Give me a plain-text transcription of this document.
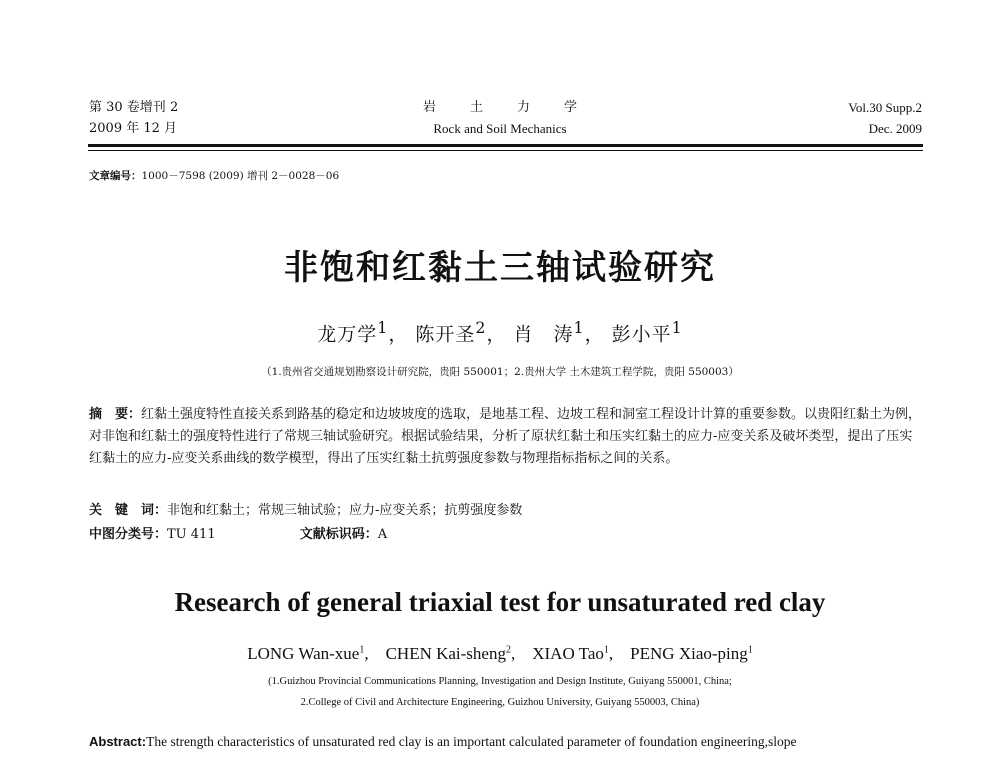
第 30 卷增刊 2
2009 年 12 月
岩土力学
Rock and Soil Mechanics
Vol.30 Supp.2
Dec. 2009
文章编号：1000－7598 (2009) 增刊 2－0028－06
非饱和红黏土三轴试验研究
龙万学$^1$， 陈开圣$^2$， 肖　涛$^1$， 彭小平$^1$
（1.贵州省交通规划勘察设计研究院，贵阳 550001；2.贵州大学 土木建筑工程学院，贵阳 550003）
摘　要：红黏土强度特性直接关系到路基的稳定和边坡坡度的选取，是地基工程、边坡工程和洞室工程设计计算的重要参数。以贵阳红黏土为例，对非饱和红黏土的强度特性进行了常规三轴试验研究。根据试验结果，分析了原状红黏土和压实红黏土的应力-应变关系及破坏类型，提出了压实红黏土的应力-应变关系曲线的数学模型，得出了压实红黏土抗剪强度参数与物理指标指标之间的关系。
关　键　词：非饱和红黏土；常规三轴试验；应力-应变关系；抗剪强度参数
中图分类号：TU 411	文献标识码：A
Research of general triaxial test for unsaturated red clay
LONG Wan-xue$^1$,    CHEN Kai-sheng$^2$,    XIAO Tao$^1$,    PENG Xiao-ping$^1$
(1.Guizhou Provincial Communications Planning, Investigation and Design Institute, Guiyang 550001, China;
2.College of Civil and Architecture Engineering, Guizhou University, Guiyang 550003, China)
Abstract:The strength characteristics of unsaturated red clay is an important calculated parameter of foundation engineering,slope
